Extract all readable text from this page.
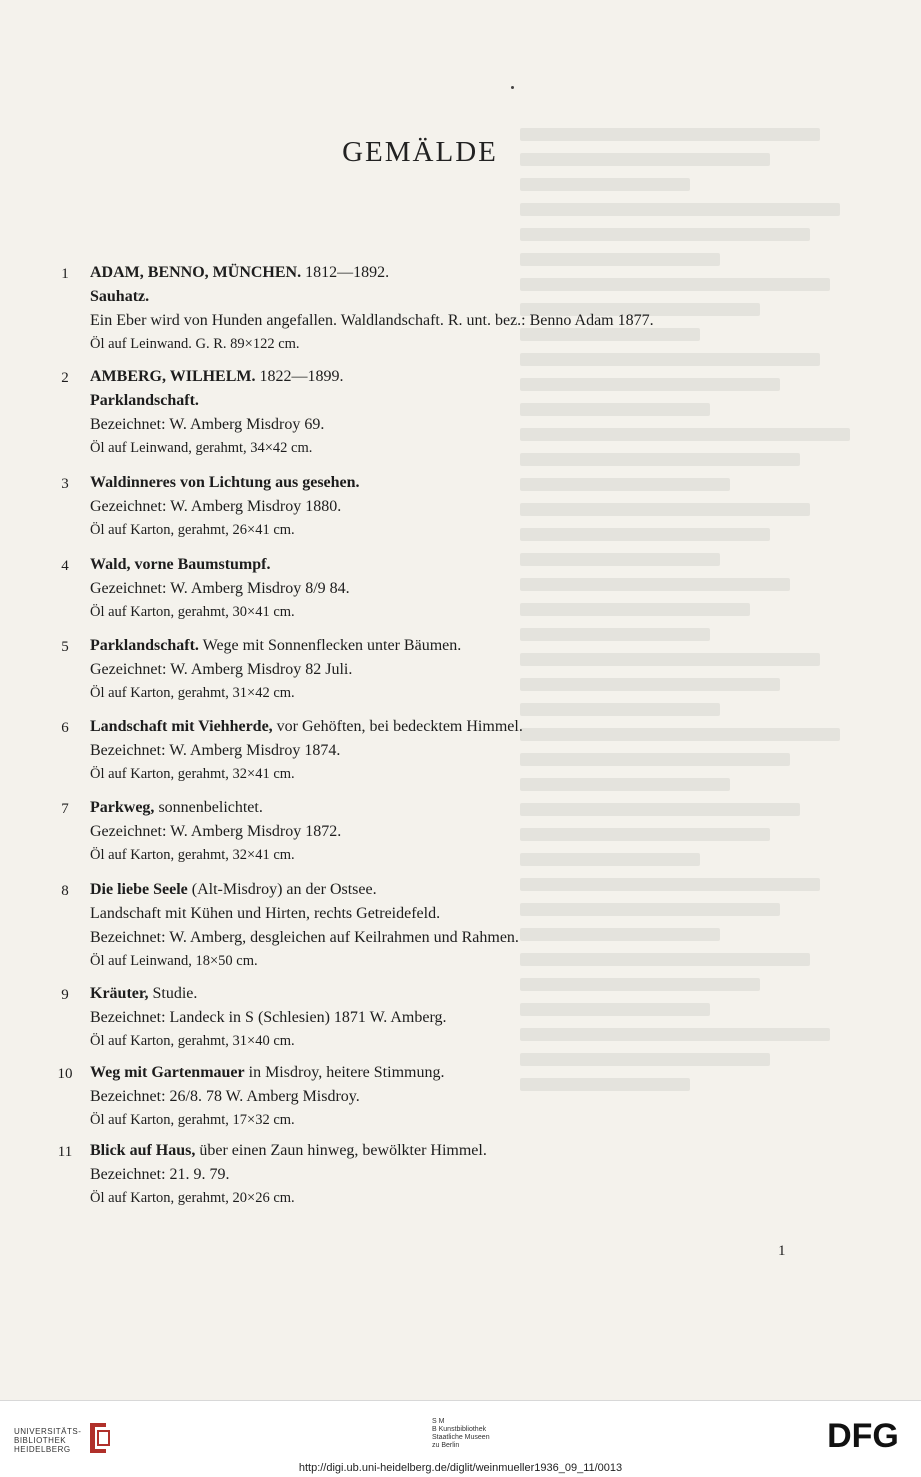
GEMÄLDE
1	ADAM, BENNO, MÜNCHEN. 1812—1892.
Sauhatz.
Ein Eber wird von Hunden angefallen. Waldlandschaft. R. unt. bez.: Benno Adam 1877.
Öl auf Leinwand. G. R. 89×122 cm.
2	AMBERG, WILHELM. 1822—1899.
Parklandschaft.
Bezeichnet: W. Amberg Misdroy 69.
Öl auf Leinwand, gerahmt, 34×42 cm.
3	Waldinneres von Lichtung aus gesehen.
Gezeichnet: W. Amberg Misdroy 1880.
Öl auf Karton, gerahmt, 26×41 cm.
4	Wald, vorne Baumstumpf.
Gezeichnet: W. Amberg Misdroy 8/9 84.
Öl auf Karton, gerahmt, 30×41 cm.
5	Parklandschaft. Wege mit Sonnenflecken unter Bäumen.
Gezeichnet: W. Amberg Misdroy 82 Juli.
Öl auf Karton, gerahmt, 31×42 cm.
6	Landschaft mit Viehherde, vor Gehöften, bei bedecktem Himmel.
Bezeichnet: W. Amberg Misdroy 1874.
Öl auf Karton, gerahmt, 32×41 cm.
7	Parkweg, sonnenbelichtet.
Gezeichnet: W. Amberg Misdroy 1872.
Öl auf Karton, gerahmt, 32×41 cm.
8	Die liebe Seele (Alt-Misdroy) an der Ostsee.
Landschaft mit Kühen und Hirten, rechts Getreidefeld.
Bezeichnet: W. Amberg, desgleichen auf Keilrahmen und Rahmen.
Öl auf Leinwand, 18×50 cm.
9	Kräuter, Studie.
Bezeichnet: Landeck in S (Schlesien) 1871 W. Amberg.
Öl auf Karton, gerahmt, 31×40 cm.
10 Weg mit Gartenmauer in Misdroy, heitere Stimmung.
Bezeichnet: 26/8. 78 W. Amberg Misdroy.
Öl auf Karton, gerahmt, 17×32 cm.
11 Blick auf Haus, über einen Zaun hinweg, bewölkter Himmel.
Bezeichnet: 21. 9. 79.
Öl auf Karton, gerahmt, 20×26 cm.
1
UNIVERSITÄTS-
BIBLIOTHEK
HEIDELBERG
S M
B Kunstbibliothek
Staatliche Museen
zu Berlin	DFG
http://digi.ub.uni-heidelberg.de/diglit/weinmueller1936_09_11/0013
